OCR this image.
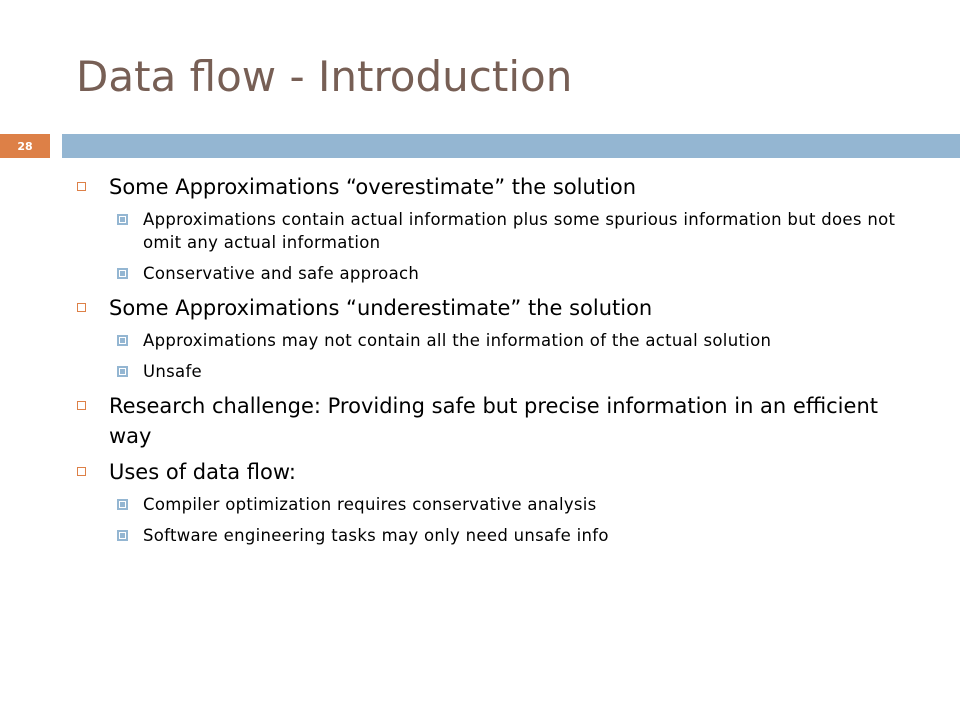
Data flow - Introduction
28
Some Approximations “overestimate” the solution
Approximations contain actual information plus some spurious information but does not omit any actual information
Conservative and safe approach
Some Approximations “underestimate” the solution
Approximations may not contain all the information of the actual solution
Unsafe
Research challenge: Providing safe but precise information in an efficient way
Uses of data flow:
Compiler optimization requires conservative analysis
Software engineering tasks may only need unsafe info
